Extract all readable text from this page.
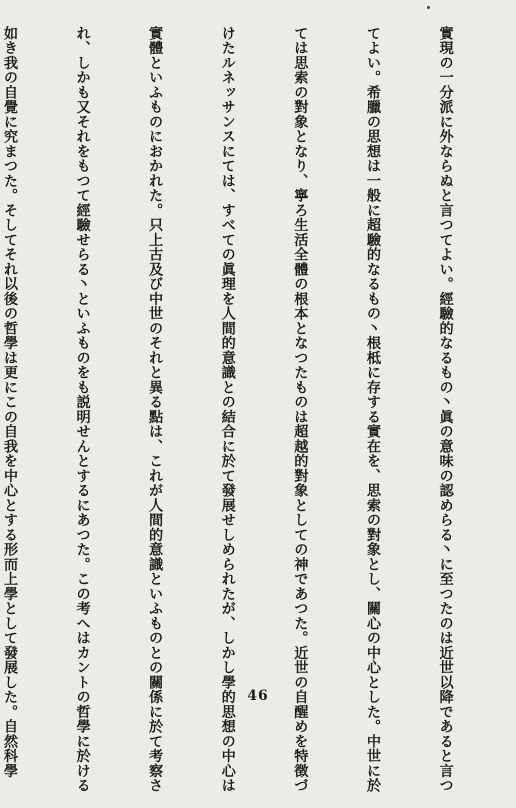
實現の一分派に外ならぬと言つてよい。經驗的なるもの丶眞の意味の認めらる丶に至つたのは近世以降であると言つ

てよい。希臘の思想は一般に超驗的なるもの丶根柢に存する實在を、思索の對象とし、關心の中心とした。中世に於

ては思索の對象となり、寧ろ生活全體の根本となつたものは超越的對象としての神であつた。近世の自醒めを特徴づ

けたルネッサンスにては、すべての眞理を人間的意識との結合に於て發展せしめられたが、しかし學的思想の中心は

實體といふものにおかれた。只上古及び中世のそれと異る點は、これが人間的意識といふものとの關係に於て考察さ

れ、しかも又それをもつて經驗せらる丶といふものをも説明せんとするにあつた。この考へはカントの哲學に於ける

如き我の自覺に究まつた。そしてそれ以後の哲學は更にこの自我を中心とする形而上學として發展した。自然科學

	46
